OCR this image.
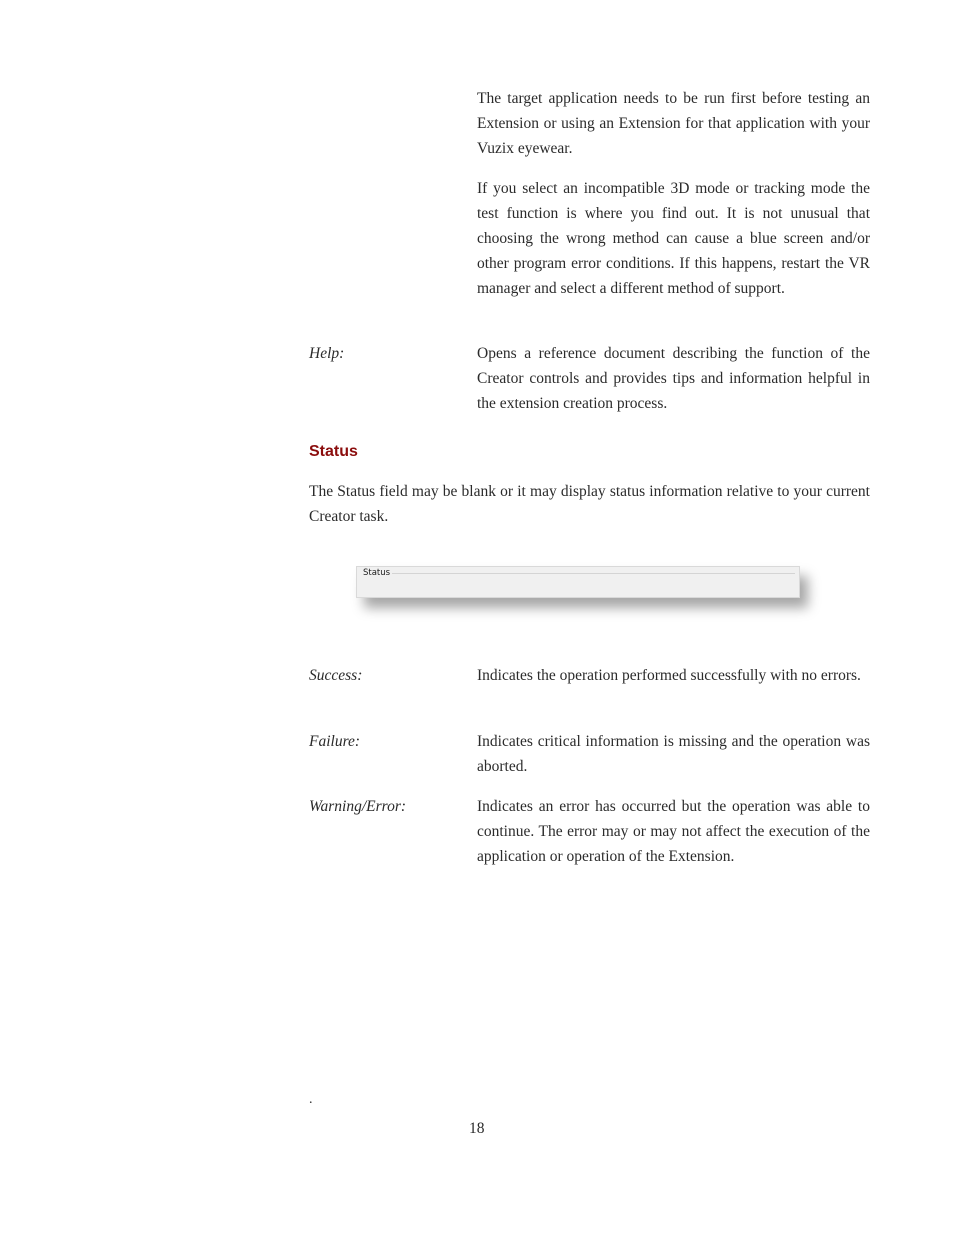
The target application needs to be run first before testing an Extension or using an Extension for that application with your Vuzix eyewear.

If you select an incompatible 3D mode or tracking mode the test function is where you find out. It is not unusual that choosing the wrong method can cause a blue screen and/or other program error conditions. If this happens, restart the VR manager and select a different method of support.

Help:	Opens a reference document describing the function of the Creator controls and provides tips and information helpful in the extension creation process.

Status

The Status field may be blank or it may display status information relative to your current Creator task.

Status

Success:	Indicates the operation performed successfully with no errors.

Failure:	Indicates critical information is missing and the operation was aborted.

Warning/Error:	Indicates an error has occurred but the operation was able to continue. The error may or may not affect the execution of the application or operation of the Extension.

.
18
